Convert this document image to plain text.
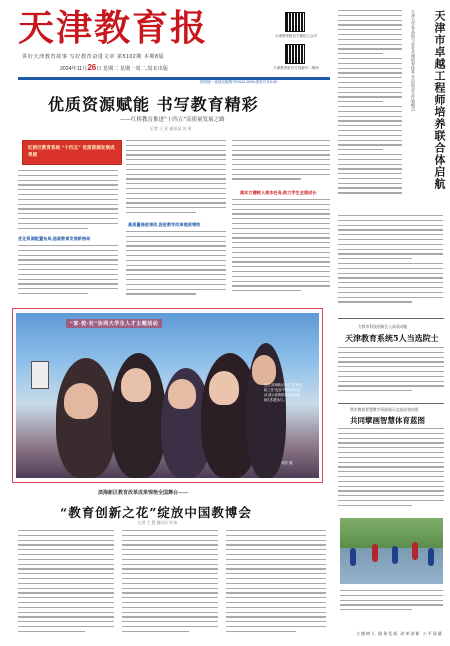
天津教育报
讲好天津教育故事 写好教育奋进文章 第5102期 本期8版
2024年11月26日 星期二 星期一周二,周末出版
天津教育报官方微信公众号
天津教育报官方视频号二维码
国内统一连续出版物号CN12-0026 邮发代号5-40	天津市卓越工程师培养联合体启航
天津大学等高校与企业共建培养体系 开启校企合作新模式
为我市科技创新注入高质动能
天津教育系统5人当选院士
我市教育智慧教学资源展示交流成效初现
共同擘画智慧体育蓝图
立德树人 服务发展 改革创新 公平质量
优质资源赋能 书写教育精彩
——红桥教育推进“十四五”高质量发展之路
记者 王 亚 通讯员 苏 英
红桥区教育系统 “十四五” 优质资源发展成果展
优化资源配置布局,造就教育发展新格局
高质量推进课改,促进教学改革提质增效
落实立德树人根本任务,助力学生全面成长
“家·校·社”协同大学生人才主题活动
近日,滨海新区举办“教育创新之花”绽放中国教博会活动,展示滨海教育创新成果,师生积极参与。
刘芳 摄
滨海新区教育改革成果惊艳全国舞台——
“教育创新之花”绽放中国教博会
记者 王 慧 通讯员 刘 伟
